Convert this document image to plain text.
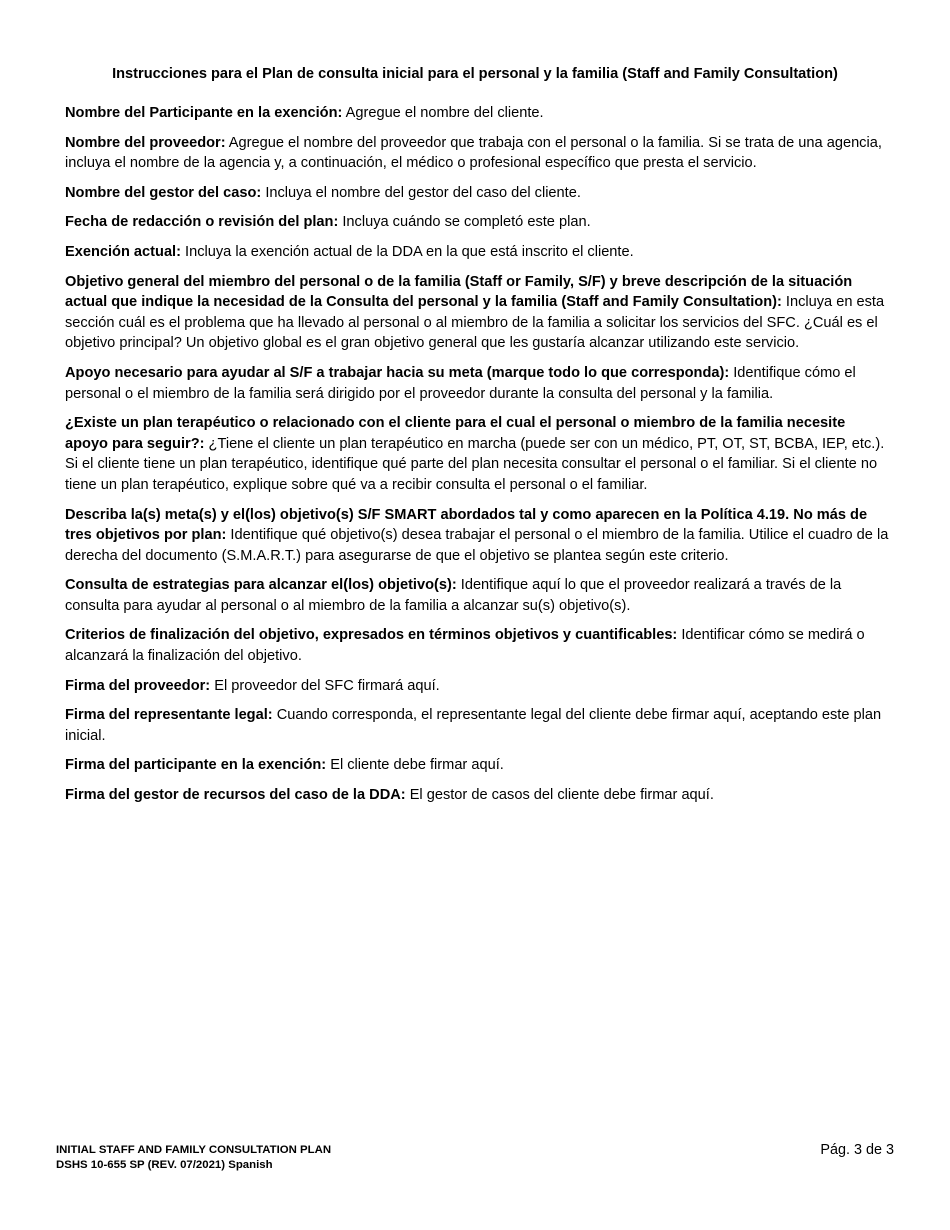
Instrucciones para el Plan de consulta inicial para el personal y la familia (Staff and Family Consultation)

Nombre del Participante en la exención: Agregue el nombre del cliente.

Nombre del proveedor: Agregue el nombre del proveedor que trabaja con el personal o la familia. Si se trata de una agencia, incluya el nombre de la agencia y, a continuación, el médico o profesional específico que presta el servicio.

Nombre del gestor del caso: Incluya el nombre del gestor del caso del cliente.

Fecha de redacción o revisión del plan: Incluya cuándo se completó este plan.

Exención actual: Incluya la exención actual de la DDA en la que está inscrito el cliente.

Objetivo general del miembro del personal o de la familia (Staff or Family, S/F) y breve descripción de la situación actual que indique la necesidad de la Consulta del personal y la familia (Staff and Family Consultation): Incluya en esta sección cuál es el problema que ha llevado al personal o al miembro de la familia a solicitar los servicios del SFC. ¿Cuál es el objetivo principal? Un objetivo global es el gran objetivo general que les gustaría alcanzar utilizando este servicio.

Apoyo necesario para ayudar al S/F a trabajar hacia su meta (marque todo lo que corresponda): Identifique cómo el personal o el miembro de la familia será dirigido por el proveedor durante la consulta del personal y la familia.

¿Existe un plan terapéutico o relacionado con el cliente para el cual el personal o miembro de la familia necesite apoyo para seguir?: ¿Tiene el cliente un plan terapéutico en marcha (puede ser con un médico, PT, OT, ST, BCBA, IEP, etc.). Si el cliente tiene un plan terapéutico, identifique qué parte del plan necesita consultar el personal o el familiar. Si el cliente no tiene un plan terapéutico, explique sobre qué va a recibir consulta el personal o el familiar.

Describa la(s) meta(s) y el(los) objetivo(s) S/F SMART abordados tal y como aparecen en la Política 4.19. No más de tres objetivos por plan: Identifique qué objetivo(s) desea trabajar el personal o el miembro de la familia. Utilice el cuadro de la derecha del documento (S.M.A.R.T.) para asegurarse de que el objetivo se plantea según este criterio.

Consulta de estrategias para alcanzar el(los) objetivo(s): Identifique aquí lo que el proveedor realizará a través de la consulta para ayudar al personal o al miembro de la familia a alcanzar su(s) objetivo(s).

Criterios de finalización del objetivo, expresados en términos objetivos y cuantificables: Identificar cómo se medirá o alcanzará la finalización del objetivo.

Firma del proveedor: El proveedor del SFC firmará aquí.

Firma del representante legal: Cuando corresponda, el representante legal del cliente debe firmar aquí, aceptando este plan inicial.

Firma del participante en la exención: El cliente debe firmar aquí.

Firma del gestor de recursos del caso de la DDA: El gestor de casos del cliente debe firmar aquí.

INITIAL STAFF AND FAMILY CONSULTATION PLAN
DSHS 10-655 SP (REV. 07/2021) Spanish
Pág. 3 de 3
